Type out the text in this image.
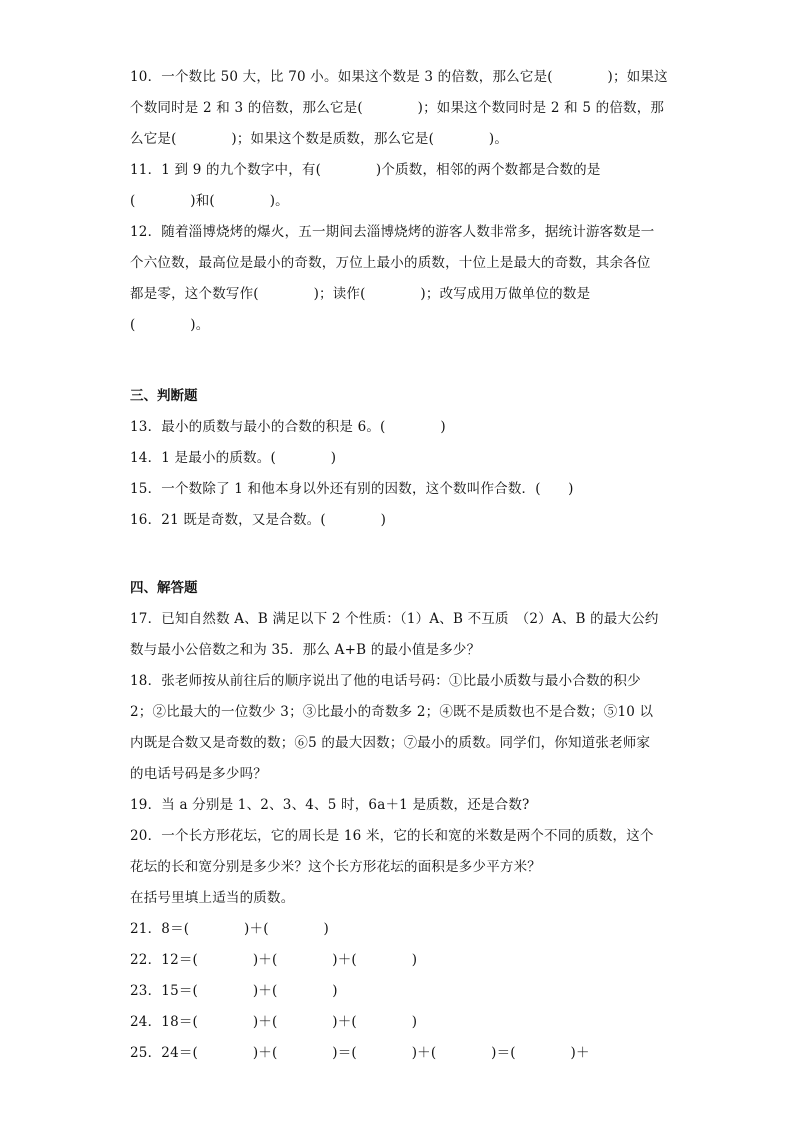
10．一个数比 50 大，比 70 小。如果这个数是 3 的倍数，那么它是(　　　　)；如果这
个数同时是 2 和 3 的倍数，那么它是(　　　　)；如果这个数同时是 2 和 5 的倍数，那
么它是(　　　　)；如果这个数是质数，那么它是(　　　　)。
11．1 到 9 的九个数字中，有(　　　　)个质数，相邻的两个数都是合数的是
(　　　　)和(　　　　)。
12．随着淄博烧烤的爆火，五一期间去淄博烧烤的游客人数非常多，据统计游客数是一
个六位数，最高位是最小的奇数，万位上最小的质数，十位上是最大的奇数，其余各位
都是零，这个数写作(　　　　)；读作(　　　　)；改写成用万做单位的数是
(　　　　)。
三、判断题
13．最小的质数与最小的合数的积是 6。(　　　　)
14．1 是最小的质数。(　　　　)
15．一个数除了 1 和他本身以外还有别的因数，这个数叫作合数．(　　)
16．21 既是奇数，又是合数。(　　　　)
四、解答题
17．已知自然数 A、B 满足以下 2 个性质：（1）A、B 不互质　（2）A、B 的最大公约
数与最小公倍数之和为 35．那么 A+B 的最小值是多少？
18．张老师按从前往后的顺序说出了他的电话号码：①比最小质数与最小合数的积少
2；②比最大的一位数少 3；③比最小的奇数多 2；④既不是质数也不是合数；⑤10 以
内既是合数又是奇数的数；⑥5 的最大因数；⑦最小的质数。同学们，你知道张老师家
的电话号码是多少吗？
19．当 a 分别是 1、2、3、4、5 时，6a＋1 是质数，还是合数?
20．一个长方形花坛，它的周长是 16 米，它的长和宽的米数是两个不同的质数，这个
花坛的长和宽分别是多少米？这个长方形花坛的面积是多少平方米？
在括号里填上适当的质数。
21．8＝(　　　　)＋(　　　　)
22．12＝(　　　　)＋(　　　　)＋(　　　　)
23．15＝(　　　　)＋(　　　　)
24．18＝(　　　　)＋(　　　　)＋(　　　　)
25．24＝(　　　　)＋(　　　　)＝(　　　　)＋(　　　　)＝(　　　　)＋
